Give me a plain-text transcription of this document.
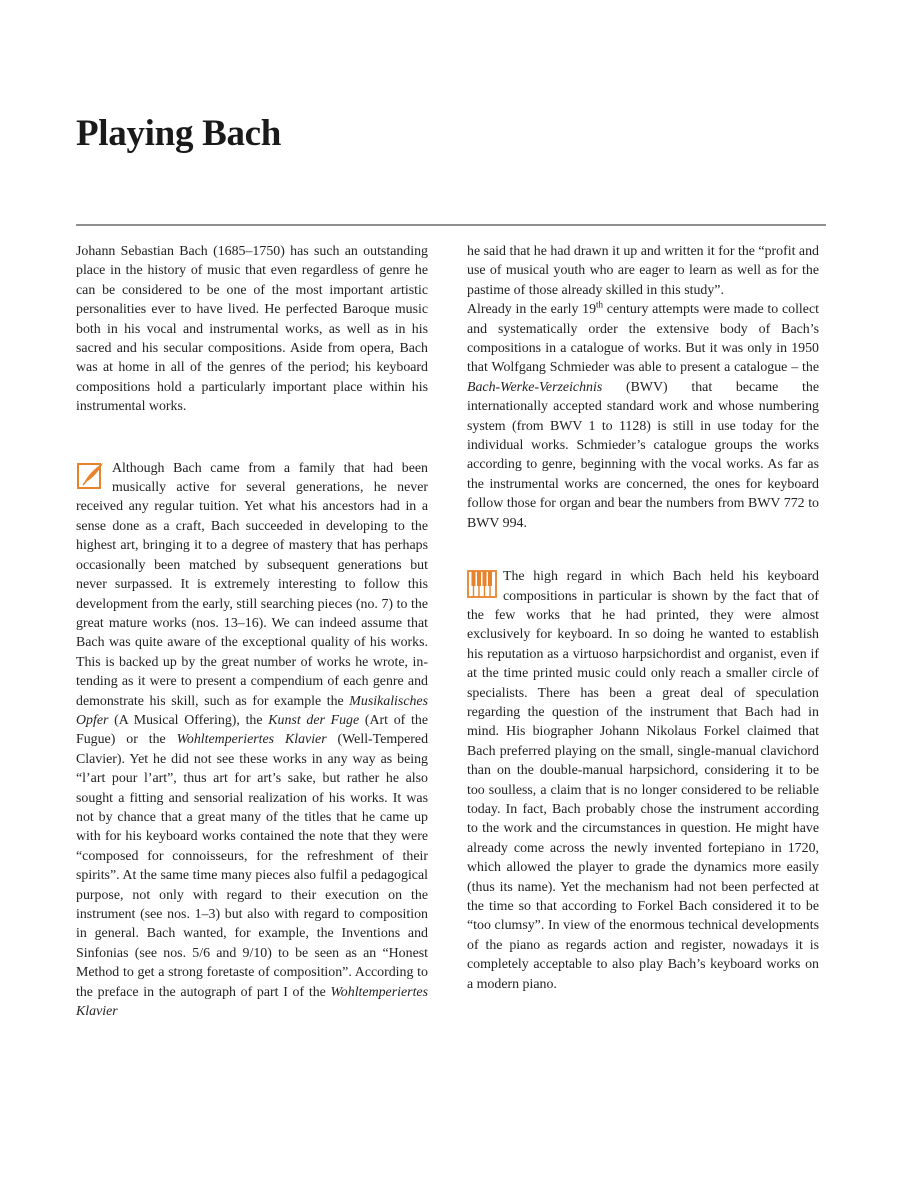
Playing Bach

Johann Sebastian Bach (1685–1750) has such an outstanding place in the history of music that even regardless of genre he can be considered to be one of the most important artistic personalities ever to have lived. He perfected Baroque music both in his vocal and instrumental works, as well as in his sacred and his secular compositions. Aside from opera, Bach was at home in all of the genres of the period; his keyboard compositions hold a particularly important place within his instrumental works.

Although Bach came from a family that had been musically active for several generations, he never received any regular tuition. Yet what his ancestors had in a sense done as a craft, Bach succeeded in developing to the highest art, bringing it to a degree of mastery that has perhaps occasionally been matched by subsequent generations but never surpassed. It is extremely interesting to follow this development from the early, still searching pieces (no. 7) to the great mature works (nos. 13–16). We can indeed assume that Bach was quite aware of the exceptional quality of his works. This is backed up by the great number of works he wrote, intending as it were to present a compendium of each genre and demonstrate his skill, such as for example the Musikalisches Opfer (A Musical Offering), the Kunst der Fuge (Art of the Fugue) or the Wohltemperiertes Klavier (Well-Tempered Clavier). Yet he did not see these works in any way as being “l’art pour l’art”, thus art for art’s sake, but rather he also sought a fitting and sensorial realization of his works. It was not by chance that a great many of the titles that he came up with for his keyboard works contained the note that they were “composed for connoisseurs, for the refreshment of their spirits”. At the same time many pieces also fulfil a pedagogical purpose, not only with regard to their execution on the instrument (see nos. 1–3) but also with regard to composition in general. Bach wanted, for example, the Inventions and Sinfonias (see nos. 5/6 and 9/10) to be seen as an “Honest Method to get a strong foretaste of composition”. According to the preface in the autograph of part I of the Wohltemperiertes Klavier

he said that he had drawn it up and written it for the “profit and use of musical youth who are eager to learn as well as for the pastime of those already skilled in this study”.

Already in the early 19th century attempts were made to collect and systematically order the extensive body of Bach’s compositions in a catalogue of works. But it was only in 1950 that Wolfgang Schmieder was able to present a catalogue – the Bach-Werke-Verzeichnis (BWV) that became the internationally accepted standard work and whose numbering system (from BWV 1 to 1128) is still in use today for the individual works. Schmieder’s catalogue groups the works according to genre, beginning with the vocal works. As far as the instrumental works are concerned, the ones for keyboard follow those for organ and bear the numbers from BWV 772 to BWV 994.

The high regard in which Bach held his keyboard compositions in particular is shown by the fact that of the few works that he had printed, they were almost exclusively for keyboard. In so doing he wanted to establish his reputation as a virtuoso harpsichordist and organist, even if at the time printed music could only reach a smaller circle of specialists. There has been a great deal of speculation regarding the question of the instrument that Bach had in mind. His biographer Johann Nikolaus Forkel claimed that Bach preferred playing on the small, single-manual clavichord than on the double-manual harpsichord, considering it to be too soulless, a claim that is no longer considered to be reliable today. In fact, Bach probably chose the instrument according to the work and the circumstances in question. He might have already come across the newly invented fortepiano in 1720, which allowed the player to grade the dynamics more easily (thus its name). Yet the mechanism had not been perfected at the time so that according to Forkel Bach considered it to be “too clumsy”. In view of the enormous technical developments of the piano as regards action and register, nowadays it is completely acceptable to also play Bach’s keyboard works on a modern piano.
